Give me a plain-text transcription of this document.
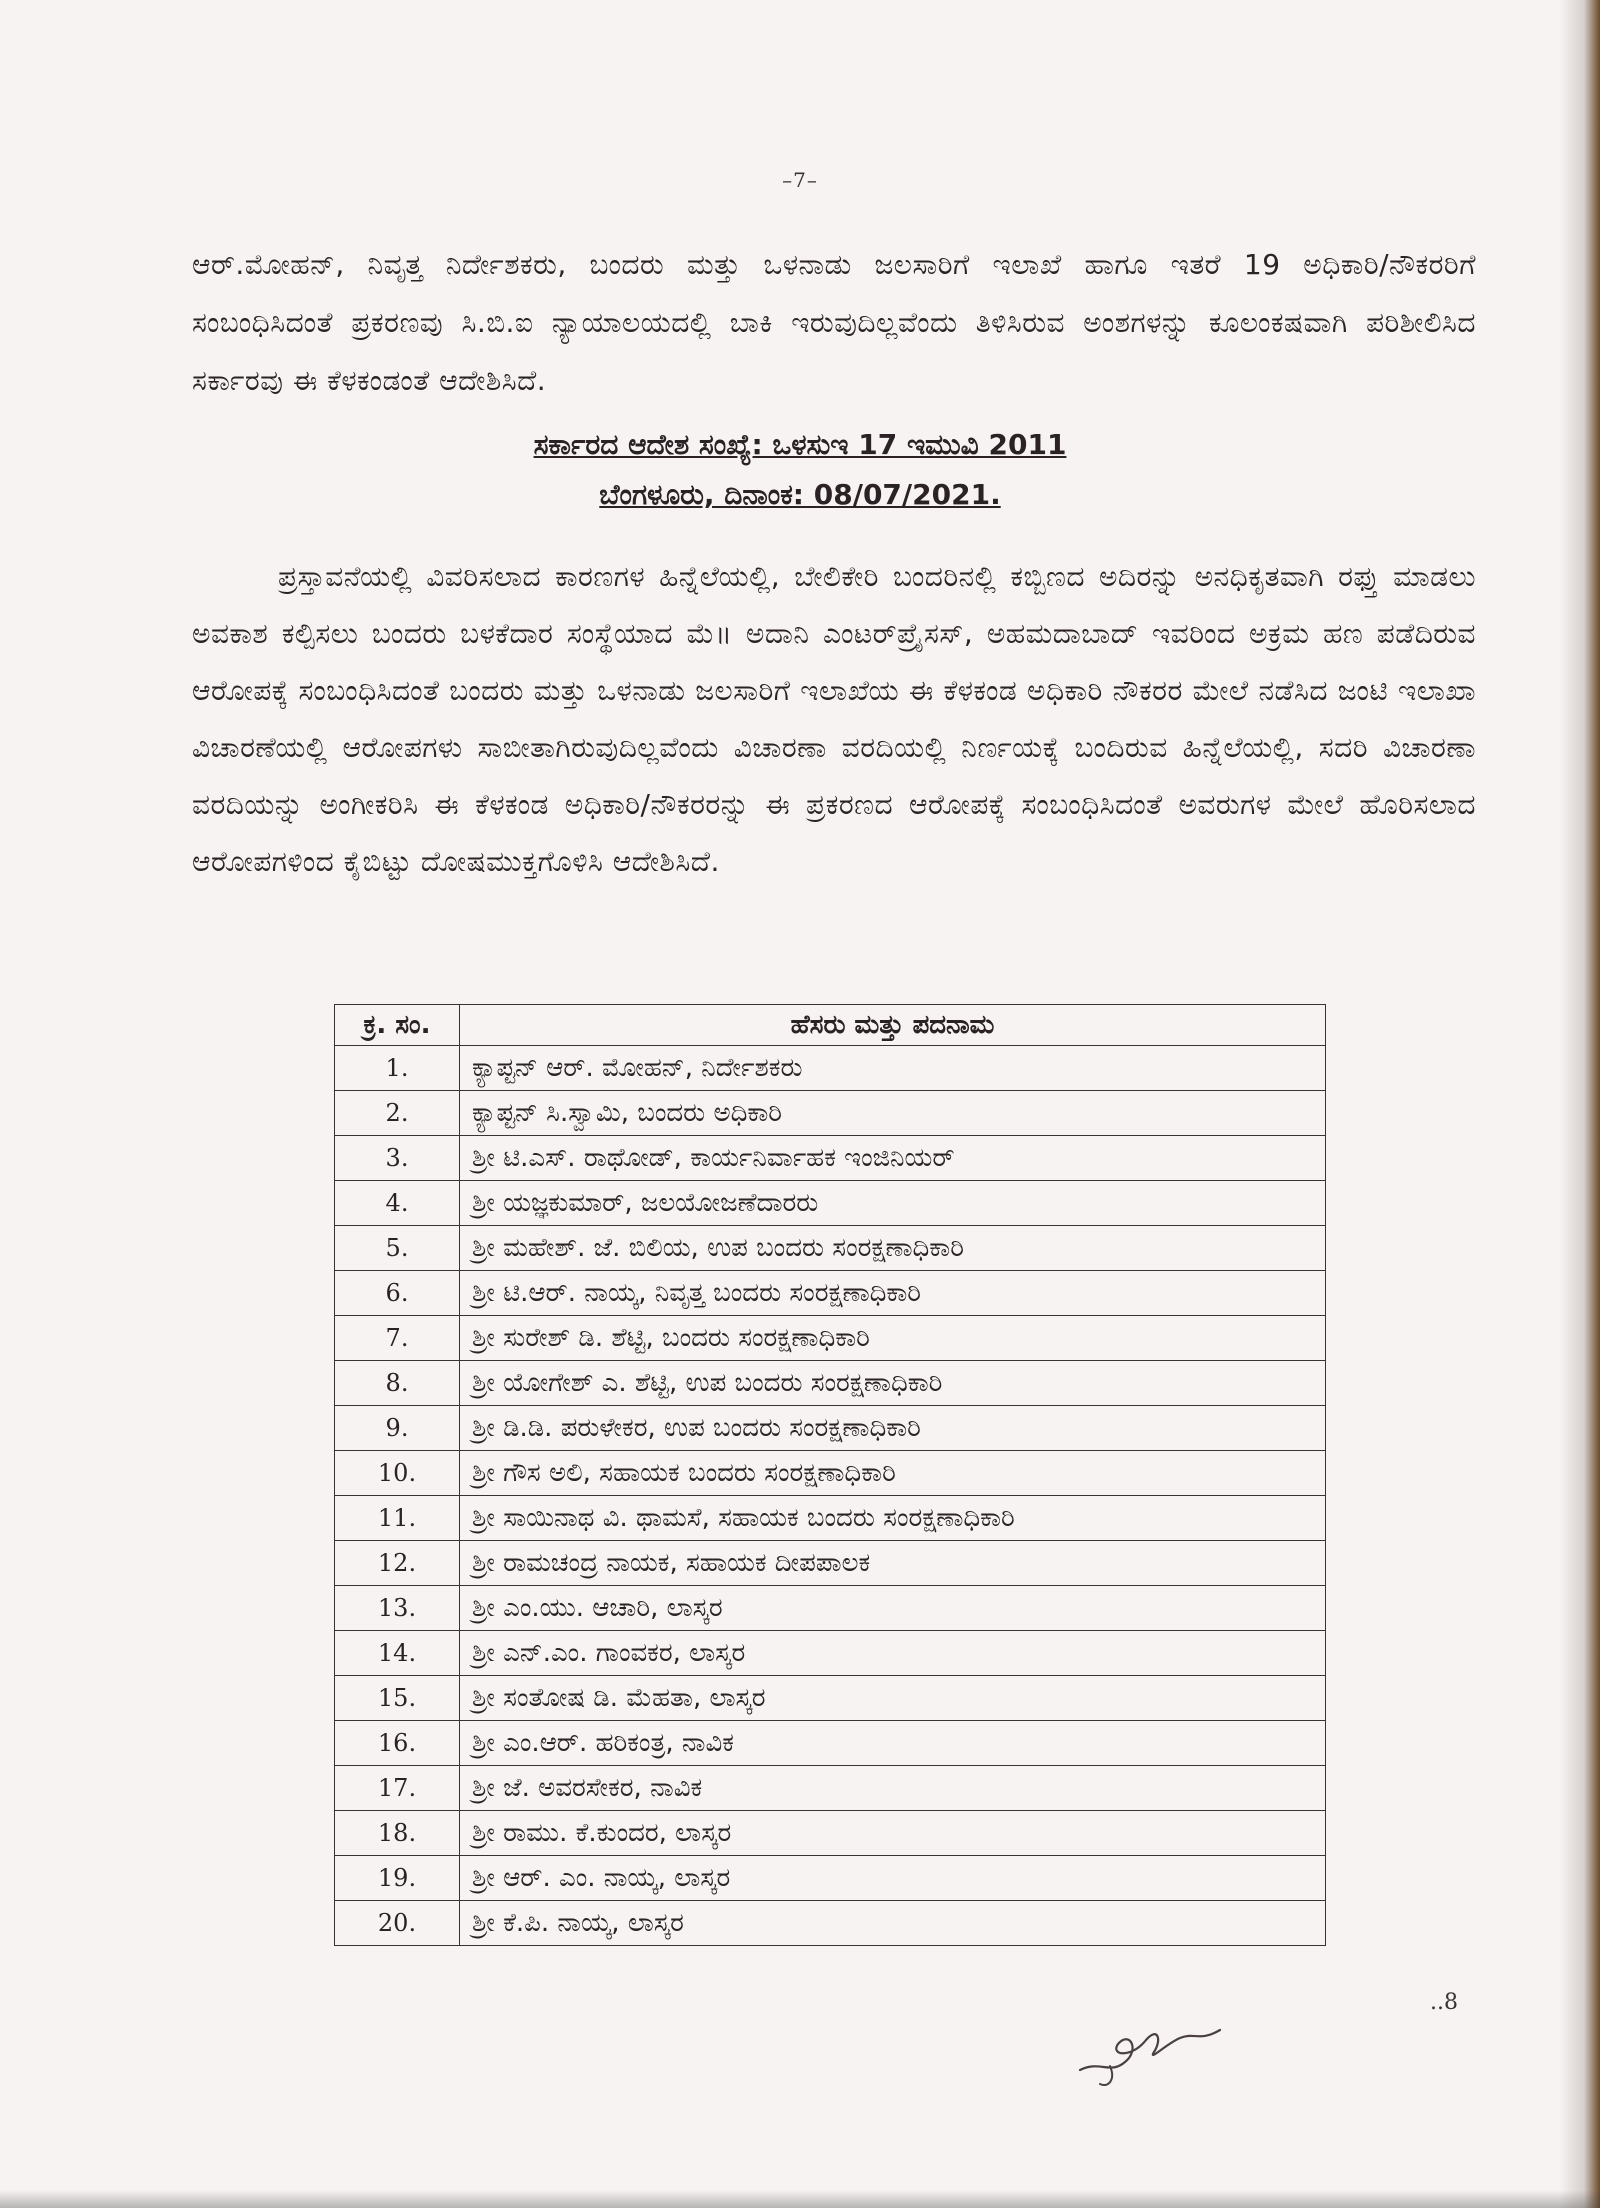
–7–
ಆರ್.ಮೋಹನ್, ನಿವೃತ್ತ ನಿರ್ದೇಶಕರು, ಬಂದರು ಮತ್ತು ಒಳನಾಡು ಜಲಸಾರಿಗೆ ಇಲಾಖೆ ಹಾಗೂ ಇತರೆ 19 ಅಧಿಕಾರಿ/ನೌಕರರಿಗೆ ಸಂಬಂಧಿಸಿದಂತೆ ಪ್ರಕರಣವು ಸಿ.ಬಿ.ಐ ನ್ಯಾಯಾಲಯದಲ್ಲಿ ಬಾಕಿ ಇರುವುದಿಲ್ಲವೆಂದು ತಿಳಿಸಿರುವ ಅಂಶಗಳನ್ನು ಕೂಲಂಕಷವಾಗಿ ಪರಿಶೀಲಿಸಿದ ಸರ್ಕಾರವು ಈ ಕೆಳಕಂಡಂತೆ ಆದೇಶಿಸಿದೆ.
ಸರ್ಕಾರದ ಆದೇಶ ಸಂಖ್ಯೆ: ಒಳಸುಇ 17 ಇಮುವಿ 2011
ಬೆಂಗಳೂರು, ದಿನಾಂಕ: 08/07/2021.
ಪ್ರಸ್ತಾವನೆಯಲ್ಲಿ ವಿವರಿಸಲಾದ ಕಾರಣಗಳ ಹಿನ್ನೆಲೆಯಲ್ಲಿ, ಬೇಲಿಕೇರಿ ಬಂದರಿನಲ್ಲಿ ಕಬ್ಬಿಣದ ಅದಿರನ್ನು ಅನಧಿಕೃತವಾಗಿ ರಫ್ತು ಮಾಡಲು ಅವಕಾಶ ಕಲ್ಪಿಸಲು ಬಂದರು ಬಳಕೆದಾರ ಸಂಸ್ಥೆಯಾದ ಮೆ॥ ಅದಾನಿ ಎಂಟರ್‌ಪ್ರೈಸಸ್, ಅಹಮದಾಬಾದ್ ಇವರಿಂದ ಅಕ್ರಮ ಹಣ ಪಡೆದಿರುವ ಆರೋಪಕ್ಕೆ ಸಂಬಂಧಿಸಿದಂತೆ ಬಂದರು ಮತ್ತು ಒಳನಾಡು ಜಲಸಾರಿಗೆ ಇಲಾಖೆಯ ಈ ಕೆಳಕಂಡ ಅಧಿಕಾರಿ ನೌಕರರ ಮೇಲೆ ನಡೆಸಿದ ಜಂಟಿ ಇಲಾಖಾ ವಿಚಾರಣೆಯಲ್ಲಿ ಆರೋಪಗಳು ಸಾಬೀತಾಗಿರುವುದಿಲ್ಲವೆಂದು ವಿಚಾರಣಾ ವರದಿಯಲ್ಲಿ ನಿರ್ಣಯಕ್ಕೆ ಬಂದಿರುವ ಹಿನ್ನೆಲೆಯಲ್ಲಿ, ಸದರಿ ವಿಚಾರಣಾ ವರದಿಯನ್ನು ಅಂಗೀಕರಿಸಿ ಈ ಕೆಳಕಂಡ ಅಧಿಕಾರಿ/ನೌಕರರನ್ನು ಈ ಪ್ರಕರಣದ ಆರೋಪಕ್ಕೆ ಸಂಬಂಧಿಸಿದಂತೆ ಅವರುಗಳ ಮೇಲೆ ಹೊರಿಸಲಾದ ಆರೋಪಗಳಿಂದ ಕೈಬಿಟ್ಟು ದೋಷಮುಕ್ತಗೊಳಿಸಿ ಆದೇಶಿಸಿದೆ.
ಕ್ರ. ಸಂ.	ಹೆಸರು ಮತ್ತು ಪದನಾಮ
1.	ಕ್ಯಾಪ್ಟನ್ ಆರ್. ಮೋಹನ್, ನಿರ್ದೇಶಕರು
2.	ಕ್ಯಾಪ್ಟನ್ ಸಿ.ಸ್ವಾಮಿ, ಬಂದರು ಅಧಿಕಾರಿ
3.	ಶ್ರೀ ಟಿ.ಎಸ್. ರಾಥೋಡ್, ಕಾರ್ಯನಿರ್ವಾಹಕ ಇಂಜಿನಿಯರ್
4.	ಶ್ರೀ ಯಜ್ಞಕುಮಾರ್, ಜಲಯೋಜಣೆದಾರರು
5.	ಶ್ರೀ ಮಹೇಶ್. ಜೆ. ಬಿಲಿಯ, ಉಪ ಬಂದರು ಸಂರಕ್ಷಣಾಧಿಕಾರಿ
6.	ಶ್ರೀ ಟಿ.ಆರ್. ನಾಯ್ಕ, ನಿವೃತ್ತ ಬಂದರು ಸಂರಕ್ಷಣಾಧಿಕಾರಿ
7.	ಶ್ರೀ ಸುರೇಶ್ ಡಿ. ಶೆಟ್ಟಿ, ಬಂದರು ಸಂರಕ್ಷಣಾಧಿಕಾರಿ
8.	ಶ್ರೀ ಯೋಗೇಶ್ ಎ. ಶೆಟ್ಟಿ, ಉಪ ಬಂದರು ಸಂರಕ್ಷಣಾಧಿಕಾರಿ
9.	ಶ್ರೀ ಡಿ.ಡಿ. ಪರುಳೇಕರ, ಉಪ ಬಂದರು ಸಂರಕ್ಷಣಾಧಿಕಾರಿ
10.	ಶ್ರೀ ಗೌಸ ಅಲಿ, ಸಹಾಯಕ ಬಂದರು ಸಂರಕ್ಷಣಾಧಿಕಾರಿ
11.	ಶ್ರೀ ಸಾಯಿನಾಥ ವಿ. ಥಾಮಸೆ, ಸಹಾಯಕ ಬಂದರು ಸಂರಕ್ಷಣಾಧಿಕಾರಿ
12.	ಶ್ರೀ ರಾಮಚಂದ್ರ ನಾಯಕ, ಸಹಾಯಕ ದೀಪಪಾಲಕ
13.	ಶ್ರೀ ಎಂ.ಯು. ಆಚಾರಿ, ಲಾಸ್ಕರ
14.	ಶ್ರೀ ಎನ್.ಎಂ. ಗಾಂವಕರ, ಲಾಸ್ಕರ
15.	ಶ್ರೀ ಸಂತೋಷ ಡಿ. ಮೆಹತಾ, ಲಾಸ್ಕರ
16.	ಶ್ರೀ ಎಂ.ಆರ್. ಹರಿಕಂತ್ರ, ನಾವಿಕ
17.	ಶ್ರೀ ಜೆ. ಅವರಸೇಕರ, ನಾವಿಕ
18.	ಶ್ರೀ ರಾಮು. ಕೆ.ಕುಂದರ, ಲಾಸ್ಕರ
19.	ಶ್ರೀ ಆರ್. ಎಂ. ನಾಯ್ಕ, ಲಾಸ್ಕರ
20.	ಶ್ರೀ ಕೆ.ಪಿ. ನಾಯ್ಕ, ಲಾಸ್ಕರ
..8
